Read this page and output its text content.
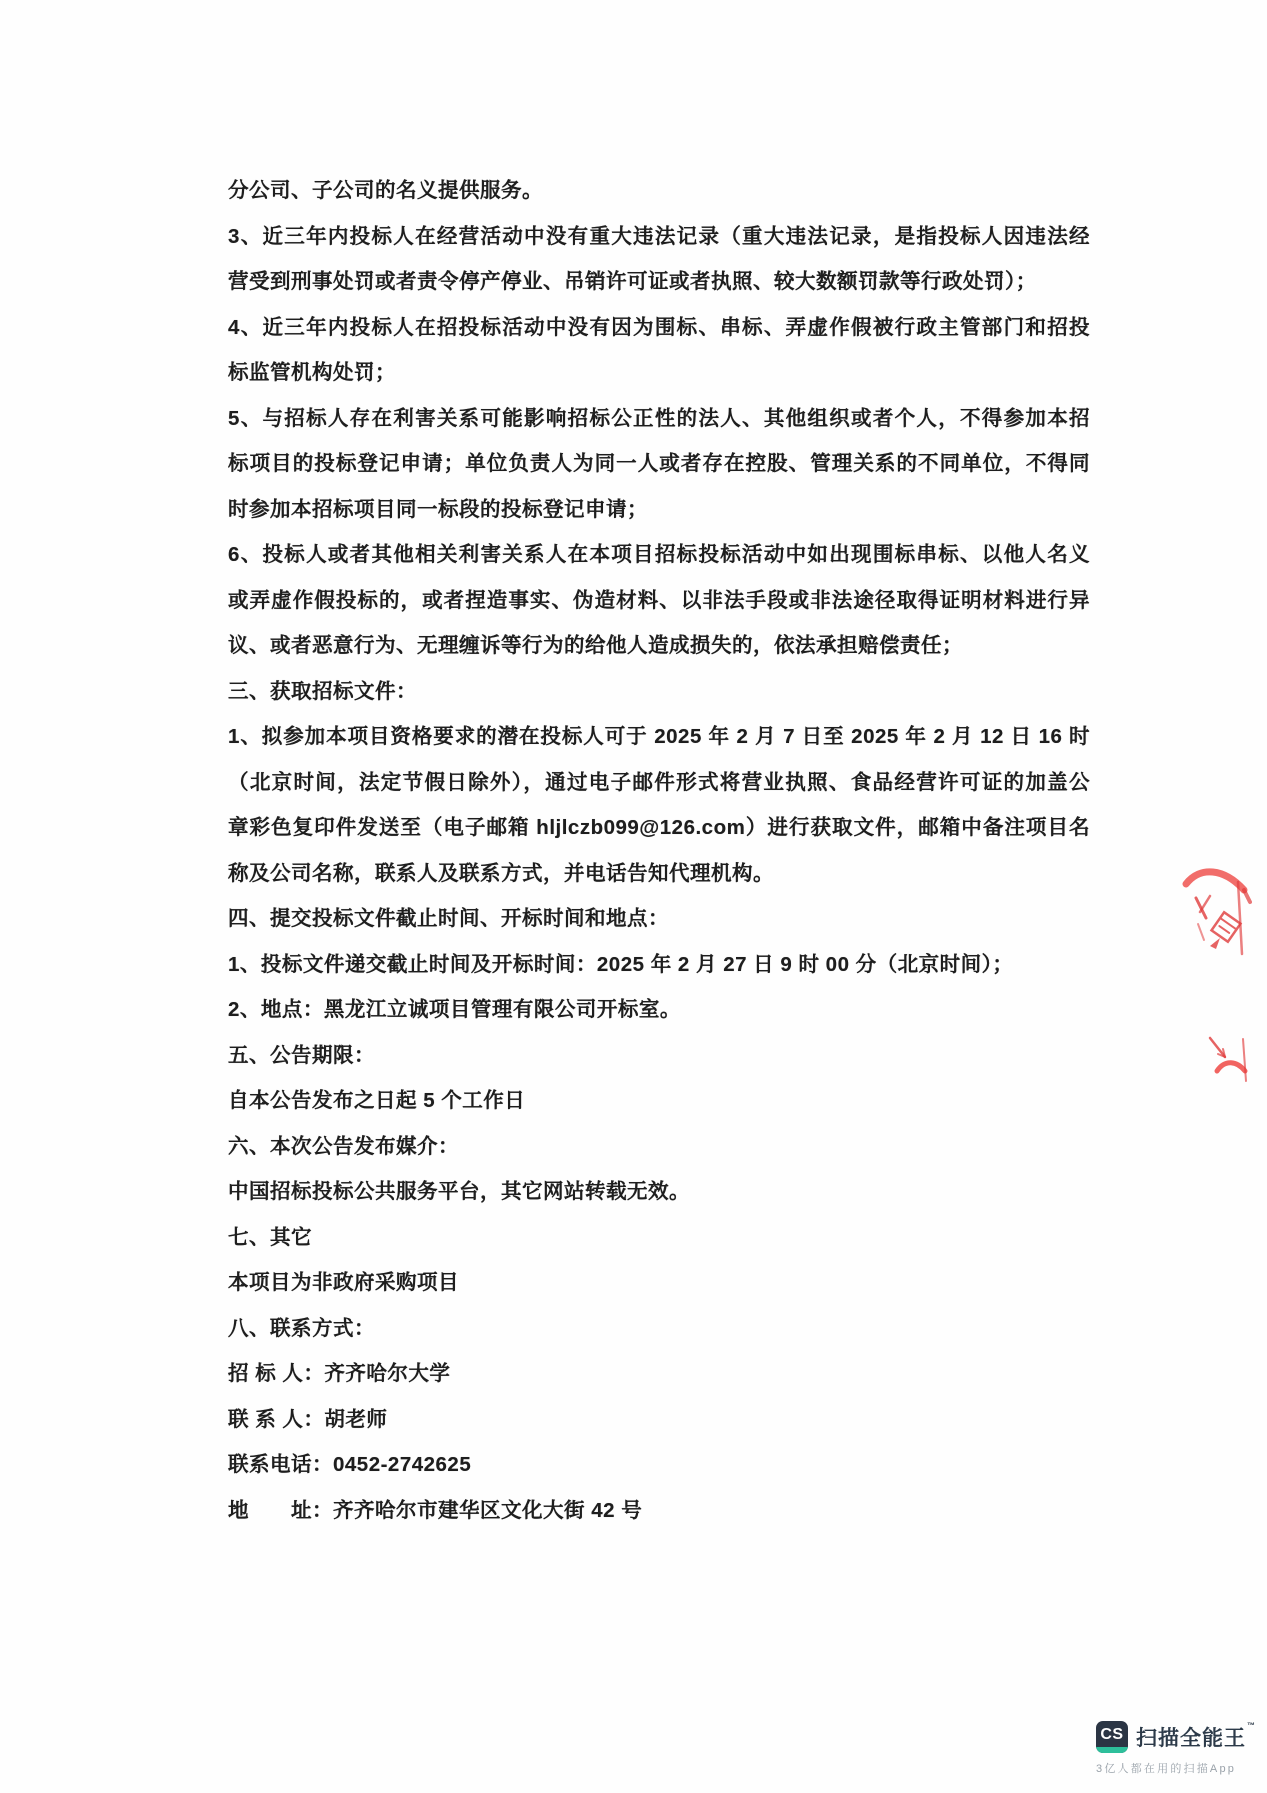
分公司、子公司的名义提供服务。
3、近三年内投标人在经营活动中没有重大违法记录（重大违法记录，是指投标人因违法经
营受到刑事处罚或者责令停产停业、吊销许可证或者执照、较大数额罚款等行政处罚）；
4、近三年内投标人在招投标活动中没有因为围标、串标、弄虚作假被行政主管部门和招投
标监管机构处罚；
5、与招标人存在利害关系可能影响招标公正性的法人、其他组织或者个人，不得参加本招
标项目的投标登记申请；单位负责人为同一人或者存在控股、管理关系的不同单位，不得同
时参加本招标项目同一标段的投标登记申请；
6、投标人或者其他相关利害关系人在本项目招标投标活动中如出现围标串标、以他人名义
或弄虚作假投标的，或者捏造事实、伪造材料、以非法手段或非法途径取得证明材料进行异
议、或者恶意行为、无理缠诉等行为的给他人造成损失的，依法承担赔偿责任；
三、获取招标文件：
1、拟参加本项目资格要求的潜在投标人可于 2025 年 2 月 7 日至 2025 年 2 月 12 日 16 时
（北京时间，法定节假日除外），通过电子邮件形式将营业执照、食品经营许可证的加盖公
章彩色复印件发送至（电子邮箱 hljlczb099@126.com）进行获取文件，邮箱中备注项目名
称及公司名称，联系人及联系方式，并电话告知代理机构。
四、提交投标文件截止时间、开标时间和地点：
1、投标文件递交截止时间及开标时间：2025 年 2 月 27 日 9 时 00 分（北京时间）；
2、地点：黑龙江立诚项目管理有限公司开标室。
五、公告期限：
自本公告发布之日起 5 个工作日
六、本次公告发布媒介：
中国招标投标公共服务平台，其它网站转载无效。
七、其它
本项目为非政府采购项目
八、联系方式：
招 标 人：齐齐哈尔大学
联 系 人：胡老师
联系电话：0452-2742625
地　　址：齐齐哈尔市建华区文化大街 42 号
CS 扫描全能王™
3亿人都在用的扫描App
